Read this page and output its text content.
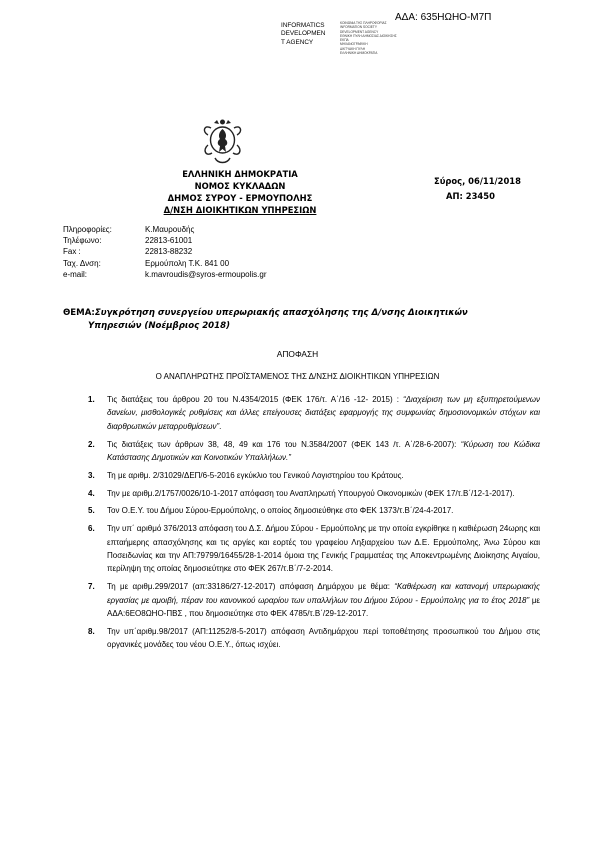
ΑΔΑ: 635ΗΩΗΟ-Μ7Π
INFORMATICS
DEVELOPMEN
T AGENCY
ΚΟΙΝΩΝΙΑ ΤΗΣ ΠΛΗΡΟΦΟΡΙΑΣ
INFORMATION SOCIETY
DEVELOPMENT AGENCY
ΕΘΝΙΚΗ ΠΥΛΗ ΔΗΜΟΣΙΑΣ ΔΙΟΙΚΗΣΗΣ
ΕΚΠΑ
ΜΗΧΑΝΟΓΡΑΦΙΚΗ
ΔΙΚΤΥΑΚΗ ΠΥΛΗ
ΕΛΛΗΝΙΚΗ ΔΗΜΟΚΡΑΤΙΑ
ΕΛΛΗΝΙΚΗ ΔΗΜΟΚΡΑΤΙΑ
ΝΟΜΟΣ ΚΥΚΛΑΔΩΝ
ΔΗΜΟΣ ΣΥΡΟΥ - ΕΡΜΟΥΠΟΛΗΣ
Δ/ΝΣΗ ΔΙΟΙΚΗΤΙΚΩΝ ΥΠΗΡΕΣΙΩΝ
Σύρος, 06/11/2018
ΑΠ: 23450
Πληροφορίες:	Κ.Μαυρουδής
Τηλέφωνο:	22813-61001
Fax :	22813-88232
Ταχ. Δνση:	Ερμούπολη Τ.Κ. 841 00
e-mail:	k.mavroudis@syros-ermoupolis.gr
ΘΕΜΑ:Συγκρότηση συνεργείου υπερωριακής απασχόλησης της Δ/νσης Διοικητικών
Υπηρεσιών (Νοέμβριος 2018)
ΑΠΟΦΑΣΗ
Ο ΑΝΑΠΛΗΡΩΤΗΣ ΠΡΟΪΣΤΑΜΕΝΟΣ ΤΗΣ Δ/ΝΣΗΣ ΔΙΟΙΚΗΤΙΚΩΝ ΥΠΗΡΕΣΙΩΝ
1. Τις διατάξεις του άρθρου 20 του Ν.4354/2015 (ΦΕΚ 176/τ. Α΄/16 -12- 2015) : “Διαχείριση των μη εξυπηρετούμενων δανείων, μισθολογικές ρυθμίσεις και άλλες επείγουσες διατάξεις εφαρμογής της συμφωνίας δημοσιονομικών στόχων και διαρθρωτικών μεταρρυθμίσεων”.
2. Τις διατάξεις των άρθρων 38, 48, 49 και 176 του Ν.3584/2007 (ΦΕΚ 143 /τ. Α΄/28-6-2007): “Κύρωση του Κώδικα Κατάστασης Δημοτικών και Κοινοτικών Υπαλλήλων.”
3. Τη με αριθμ. 2/31029/ΔΕΠ/6-5-2016 εγκύκλιο του Γενικού Λογιστηρίου του Κράτους.
4. Την με αριθμ.2/1757/0026/10-1-2017 απόφαση του Αναπληρωτή Υπουργού Οικονομικών (ΦΕΚ 17/τ.Β΄/12-1-2017).
5. Τον Ο.Ε.Υ. του Δήμου Σύρου-Ερμούπολης, ο οποίος δημοσιεύθηκε στο ΦΕΚ 1373/τ.Β΄/24-4-2017.
6. Την υπ΄ αριθμό 376/2013 απόφαση του Δ.Σ. Δήμου Σύρου - Ερμούπολης με την οποία εγκρίθηκε η καθιέρωση 24ωρης και επταήμερης απασχόλησης και τις αργίες και εορτές του γραφείου Ληξιαρχείου των Δ.Ε. Ερμούπολης, Άνω Σύρου και Ποσειδωνίας και την ΑΠ:79799/16455/28-1-2014 όμοια της Γενικής Γραμματέας της Αποκεντρωμένης Διοίκησης Αιγαίου, περίληψη της οποίας δημοσιεύτηκε στο ΦΕΚ 267/τ.Β΄/7-2-2014.
7. Τη με αριθμ.299/2017 (απ:33186/27-12-2017) απόφαση Δημάρχου με θέμα: “Καθιέρωση και κατανομή υπερωριακής εργασίας με αμοιβή, πέραν του κανονικού ωραρίου των υπαλλήλων του Δήμου Σύρου - Ερμούπολης για το έτος 2018” με ΑΔΑ:6ΕΟ8ΩΗΟ-ΠΒΣ , που δημοσιεύτηκε στο ΦΕΚ 4785/τ.Β΄/29-12-2017.
8. Την υπ΄αριθμ.98/2017 (ΑΠ:11252/8-5-2017) απόφαση Αντιδημάρχου περί τοποθέτησης προσωπικού του Δήμου στις οργανικές μονάδες του νέου Ο.Ε.Υ., όπως ισχύει.
